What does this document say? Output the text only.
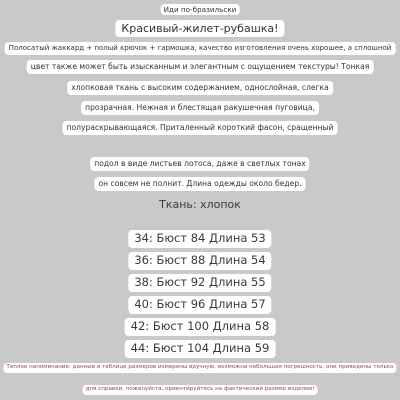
Иди по-бразильски
Красивый-жилет-рубашка!
Полосатый жаккард + полый крючок + гармошка, качество изготовления очень хорошее, а сплошной
цвет также может быть изысканным и элегантным с ощущением текстуры! Тонкая
хлопковая ткань с высоким содержанием, однослойная, слегка
прозрачная. Нежная и блестящая ракушечная пуговица,
полураскрывающаяся. Приталенный короткий фасон, сращенный
подол в виде листьев лотоса, даже в светлых тонах
он совсем не полнит. Длина одежды около бедер.
Ткань: хлопок
34: Бюст 84 Длина 53
36: Бюст 88 Длина 54
38: Бюст 92 Длина 55
40: Бюст 96 Длина 57
42: Бюст 100 Длина 58
44: Бюст 104 Длина 59
Теплое напоминание: данные в таблице размеров измерены вручную, возможна небольшая погрешность, они приведены только
для справки, пожалуйста, ориентируйтесь на фактический размер изделия!
